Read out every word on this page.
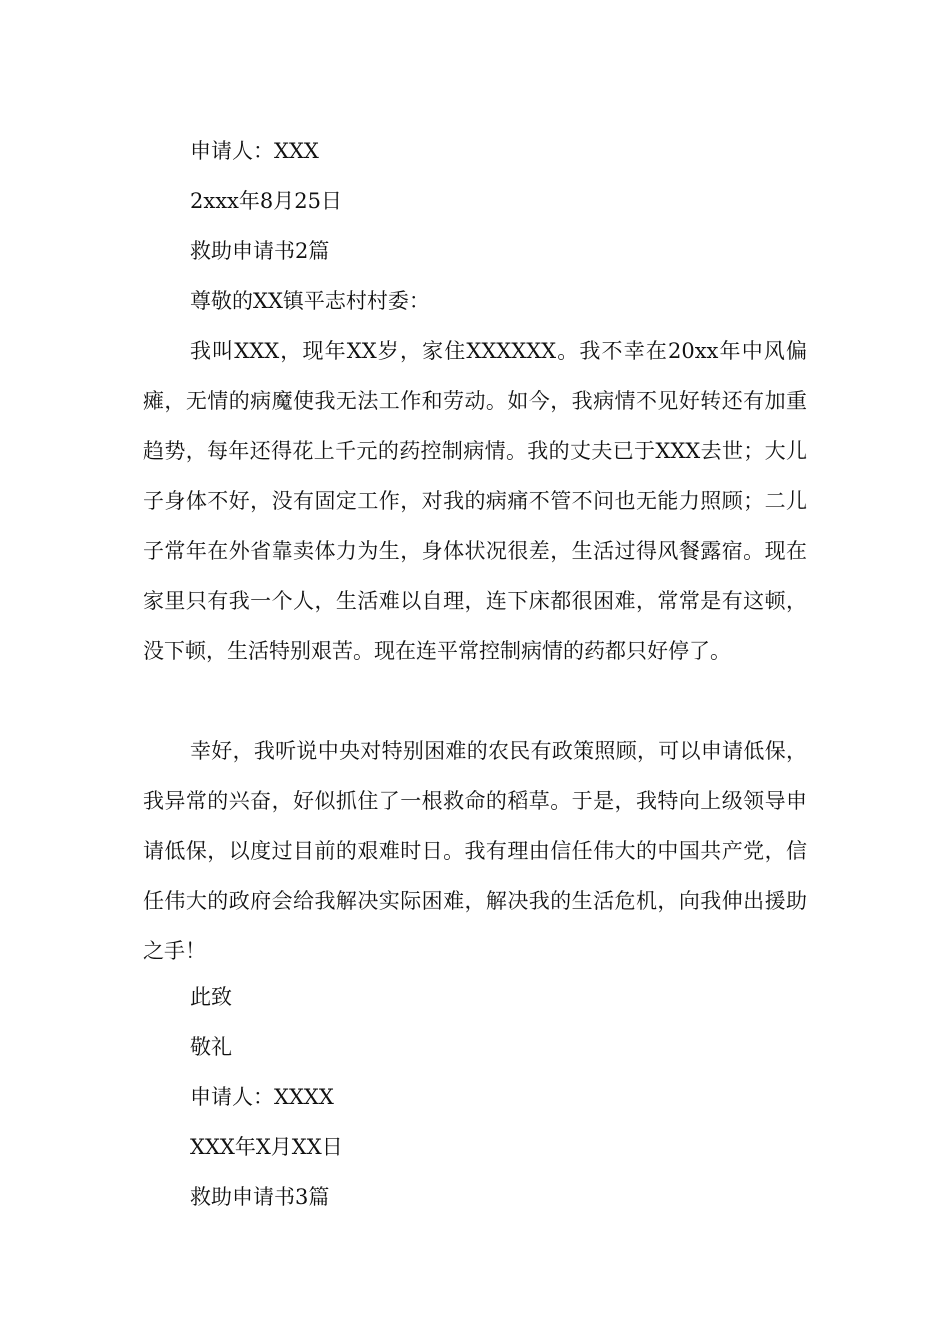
申请人：XXX
2xxx年8月25日
救助申请书2篇
尊敬的XX镇平志村村委：
我叫XXX，现年XX岁，家住XXXXXX。我不幸在20xx年中风偏瘫，无情的病魔使我无法工作和劳动。如今，我病情不见好转还有加重趋势，每年还得花上千元的药控制病情。我的丈夫已于XXX去世；大儿子身体不好，没有固定工作，对我的病痛不管不问也无能力照顾；二儿子常年在外省靠卖体力为生，身体状况很差，生活过得风餐露宿。现在家里只有我一个人，生活难以自理，连下床都很困难，常常是有这顿，没下顿，生活特别艰苦。现在连平常控制病情的药都只好停了。
幸好，我听说中央对特别困难的农民有政策照顾，可以申请低保，我异常的兴奋，好似抓住了一根救命的稻草。于是，我特向上级领导申请低保，以度过目前的艰难时日。我有理由信任伟大的中国共产党，信任伟大的政府会给我解决实际困难，解决我的生活危机，向我伸出援助之手！
此致
敬礼
申请人：XXXX
XXX年X月XX日
救助申请书3篇
